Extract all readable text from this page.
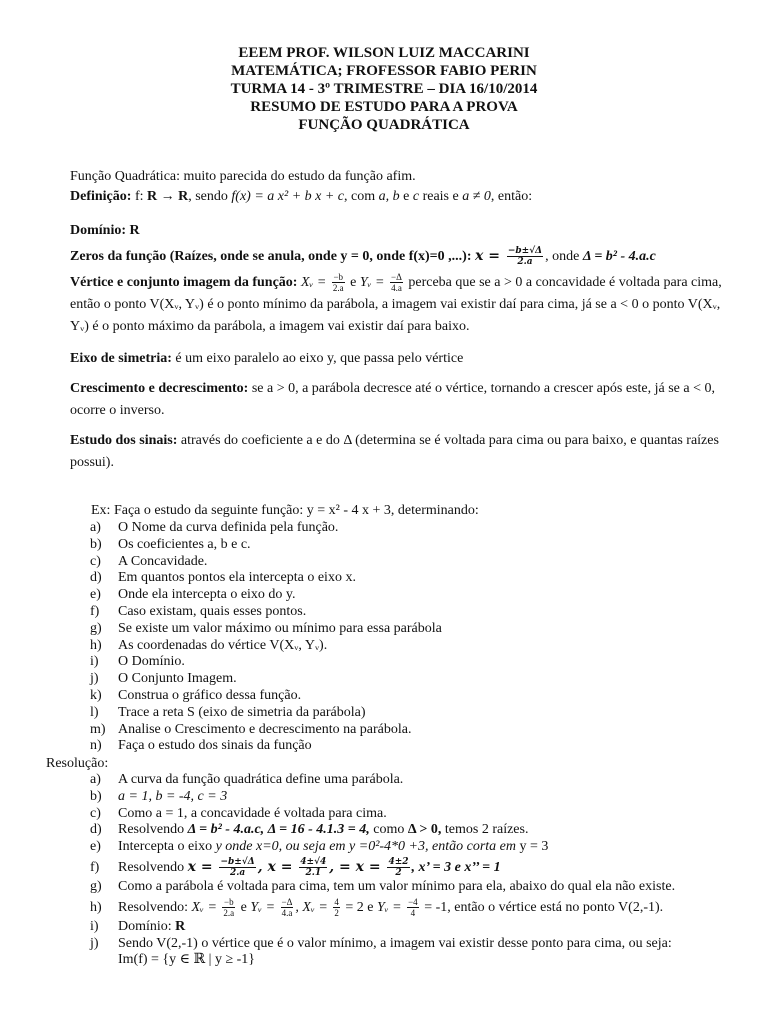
EEEM PROF. WILSON LUIZ MACCARINI
MATEMÁTICA; FROFESSOR FABIO PERIN
TURMA 14 - 3º TRIMESTRE – DIA 16/10/2014
RESUMO DE ESTUDO PARA A PROVA
FUNÇÃO QUADRÁTICA
Função Quadrática: muito parecida do estudo da função afim.
Definição: f: R → R, sendo f(x) = a x² + b x + c, com a, b e c reais e a ≠ 0, então:
Domínio: R
Zeros da função (Raízes, onde se anula, onde y = 0, onde f(x)=0 ,...): $x = \frac{-b\pm√\Delta}{2.a}$ , onde Δ = b² - 4.a.c
Vértice e conjunto imagem da função: Xᵥ = $\frac{-b}{2.a}$ e Yᵥ = $\frac{-\Delta}{4.a}$ perceba que se a > 0 a concavidade é voltada para cima, então o ponto V(Xᵥ, Yᵥ) é o ponto mínimo da parábola, a imagem vai existir daí para cima, já se a < 0 o ponto V(Xᵥ, Yᵥ) é o ponto máximo da parábola, a imagem vai existir daí para baixo.
Eixo de simetria: é um eixo paralelo ao eixo y, que passa pelo vértice
Crescimento e decrescimento: se a > 0, a parábola decresce até o vértice, tornando a crescer após este, já se a < 0, ocorre o inverso.
Estudo dos sinais: através do coeficiente a e do Δ (determina se é voltada para cima ou para baixo, e quantas raízes possui).
Ex: Faça o estudo da seguinte função: y = x² - 4 x + 3, determinando:
a) O Nome da curva definida pela função.
b) Os coeficientes a, b e c.
c) A Concavidade.
d) Em quantos pontos ela intercepta o eixo x.
e) Onde ela intercepta o eixo do y.
f) Caso existam, quais esses pontos.
g) Se existe um valor máximo ou mínimo para essa parábola
h) As coordenadas do vértice V(Xᵥ, Yᵥ).
i) O Domínio.
j) O Conjunto Imagem.
k) Construa o gráfico dessa função.
l) Trace a reta S (eixo de simetria da parábola)
m) Analise o Crescimento e decrescimento na parábola.
n) Faça o estudo dos sinais da função
Resolução:
a) A curva da função quadrática define uma parábola.
b) a = 1, b = -4, c = 3
c) Como a = 1, a concavidade é voltada para cima.
d) Resolvendo Δ = b² - 4.a.c, Δ = 16 - 4.1.3 = 4, como Δ > 0, temos 2 raízes.
e) Intercepta o eixo y onde x=0, ou seja em y =0²-4*0 +3, então corta em y = 3
f) Resolvendo $x = \frac{-b\pm√\Delta}{2.a}$ , $x = \frac{4\pm√4}{2.1}$ , = $x = \frac{4\pm 2}{2}$ , x’ = 3 e x’’ = 1
g) Como a parábola é voltada para cima, tem um valor mínimo para ela, abaixo do qual ela não existe.
h) Resolvendo: Xᵥ = $\frac{-b}{2.a}$ e Yᵥ = $\frac{-\Delta}{4.a}$ , Xᵥ = $\frac{4}{2} = 2$ e Yᵥ = $\frac{-4}{4} = -1$, então o vértice está no ponto V(2,-1).
i) Domínio: R
j) Sendo V(2,-1) o vértice que é o valor mínimo, a imagem vai existir desse ponto para cima, ou seja:
Im(f) = {y ∈ ℝ | y ≥ -1}
